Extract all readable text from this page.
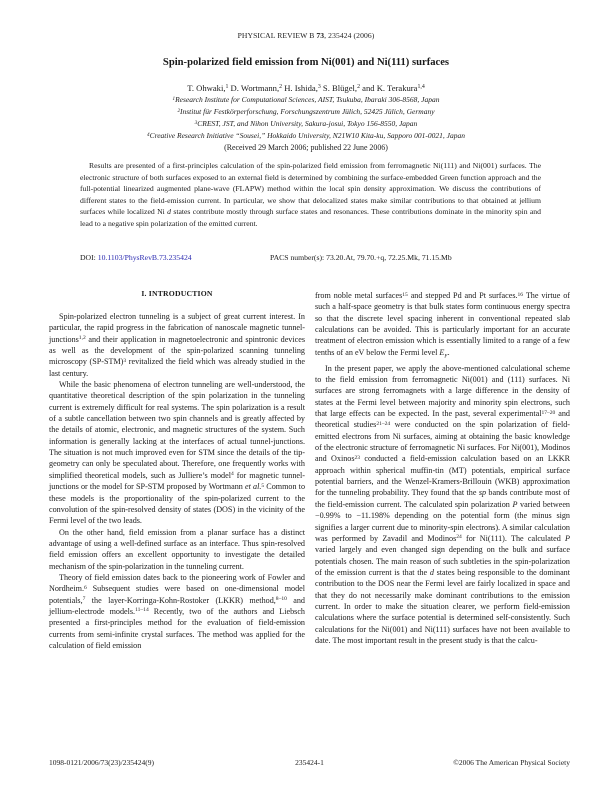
PHYSICAL REVIEW B 73, 235424 (2006)
Spin-polarized field emission from Ni(001) and Ni(111) surfaces
T. Ohwaki,$^1$ D. Wortmann,$^2$ H. Ishida,$^3$ S. Blügel,$^2$ and K. Terakura$^{1,4}$
$^1$Research Institute for Computational Sciences, AIST, Tsukuba, Ibaraki 306-8568, Japan
$^2$Institut für Festkörperforschung, Forschungszentrum Jülich, 52425 Jülich, Germany
$^3$CREST, JST, and Nihon University, Sakura-josui, Tokyo 156-8550, Japan
$^4$Creative Research Initiative “Sousei,” Hokkaido University, N21W10 Kita-ku, Sapporo 001-0021, Japan
(Received 29 March 2006; published 22 June 2006)
Results are presented of a first-principles calculation of the spin-polarized field emission from ferromagnetic Ni(111) and Ni(001) surfaces. The electronic structure of both surfaces exposed to an external field is determined by combining the surface-embedded Green function approach and the full-potential linearized augmented plane-wave (FLAPW) method within the local spin density approximation. We discuss the contributions of different states to the field-emission current. In particular, we show that delocalized states make similar contributions to that obtained at jellium surfaces while localized Ni d states contribute mostly through surface states and resonances. These contributions dominate in the minority spin and lead to a negative spin polarization of the emitted current.
DOI: 10.1103/PhysRevB.73.235424	PACS number(s): 73.20.At, 79.70.+q, 72.25.Mk, 71.15.Mb
I. INTRODUCTION

Spin-polarized electron tunneling is a subject of great current interest. In particular, the rapid progress in the fabrication of nanoscale magnetic tunnel-junctions$^{1,2}$ and their application in magnetoelectronic and spintronic devices as well as the development of the spin-polarized scanning tunneling microscopy $(SP-STM)^3$ revitalized the field which was already studied in the last century.

While the basic phenomena of electron tunneling are well-understood, the quantitative theoretical description of the spin polarization in the tunneling current is extremely difficult for real systems. The spin polarization is a result of a subtle cancellation between two spin channels and is greatly affected by the details of atomic, electronic, and magnetic structures of the system. Such information is generally lacking at the interfaces of actual tunnel-junctions. The situation is not much improved even for STM since the details of the tip-geometry can only be speculated about. Therefore, one frequently works with simplified theoretical models, such as Julliere’s model$^4$ for magnetic tunnel-junctions or the model for SP-STM proposed by Wortmann et al.$^5$ Common to these models is the proportionality of the spin-polarized current to the convolution of the spin-resolved density of states (DOS) in the vicinity of the Fermi level of the two leads.

On the other hand, field emission from a planar surface has a distinct advantage of using a well-defined surface as an interface. Thus spin-resolved field emission offers an excellent opportunity to investigate the detailed mechanism of the spin-polarization in the tunneling current.

Theory of field emission dates back to the pioneering work of Fowler and Nordheim.$^6$ Subsequent studies were based on one-dimensional model potentials,$^7$ the layer-Korringa-Kohn-Rostoker (LKKR) method,$^{8-10}$ and jellium-electrode models.$^{11-14}$ Recently, two of the authors and Liebsch presented a first-principles method for the evaluation of field-emission currents from semi-infinite crystal surfaces. The method was applied for the calculation of field emission

from noble metal surfaces$^{15}$ and stepped Pd and Pt surfaces.$^{16}$ The virtue of such a half-space geometry is that bulk states form continuous energy spectra so that the discrete level spacing inherent in conventional repeated slab calculations can be avoided. This is particularly important for an accurate treatment of electron emission which is essentially limited to a range of a few tenths of an eV below the Fermi level $E_F$.

In the present paper, we apply the above-mentioned calculational scheme to the field emission from ferromagnetic Ni(001) and (111) surfaces. Ni surfaces are strong ferromagnets with a large difference in the density of states at the Fermi level between majority and minority spin electrons, such that large effects can be expected. In the past, several experimental$^{17-20}$ and theoretical studies$^{21-24}$ were conducted on the spin polarization of field-emitted electrons from Ni surfaces, aiming at obtaining the basic knowledge of the electronic structure of ferromagnetic Ni surfaces. For Ni(001), Modinos and Oxinos$^{23}$ conducted a field-emission calculation based on an LKKR approach within spherical muffin-tin (MT) potentials, empirical surface potential barriers, and the Wenzel-Kramers-Brillouin (WKB) approximation for the tunneling probability. They found that the sp bands contribute most of the field-emission current. The calculated spin polarization P varied between −0.99% to −11.198% depending on the potential form (the minus sign signifies a larger current due to minority-spin electrons). A similar calculation was performed by Zavadil and Modinos$^{24}$ for Ni(111). The calculated P varied largely and even changed sign depending on the bulk and surface potentials chosen. The main reason of such subtleties in the spin-polarization of the emission current is that the d states being responsible to the dominant contribution to the DOS near the Fermi level are fairly localized in space and that they do not necessarily make dominant contributions to the emission current. In order to make the situation clearer, we perform field-emission calculations where the surface potential is determined self-consistently. Such calculations for the Ni(001) and Ni(111) surfaces have not been available to date. The most important result in the present study is that the calcu-

1098-0121/2006/73(23)/235424(9)	235424-1	©2006 The American Physical Society
